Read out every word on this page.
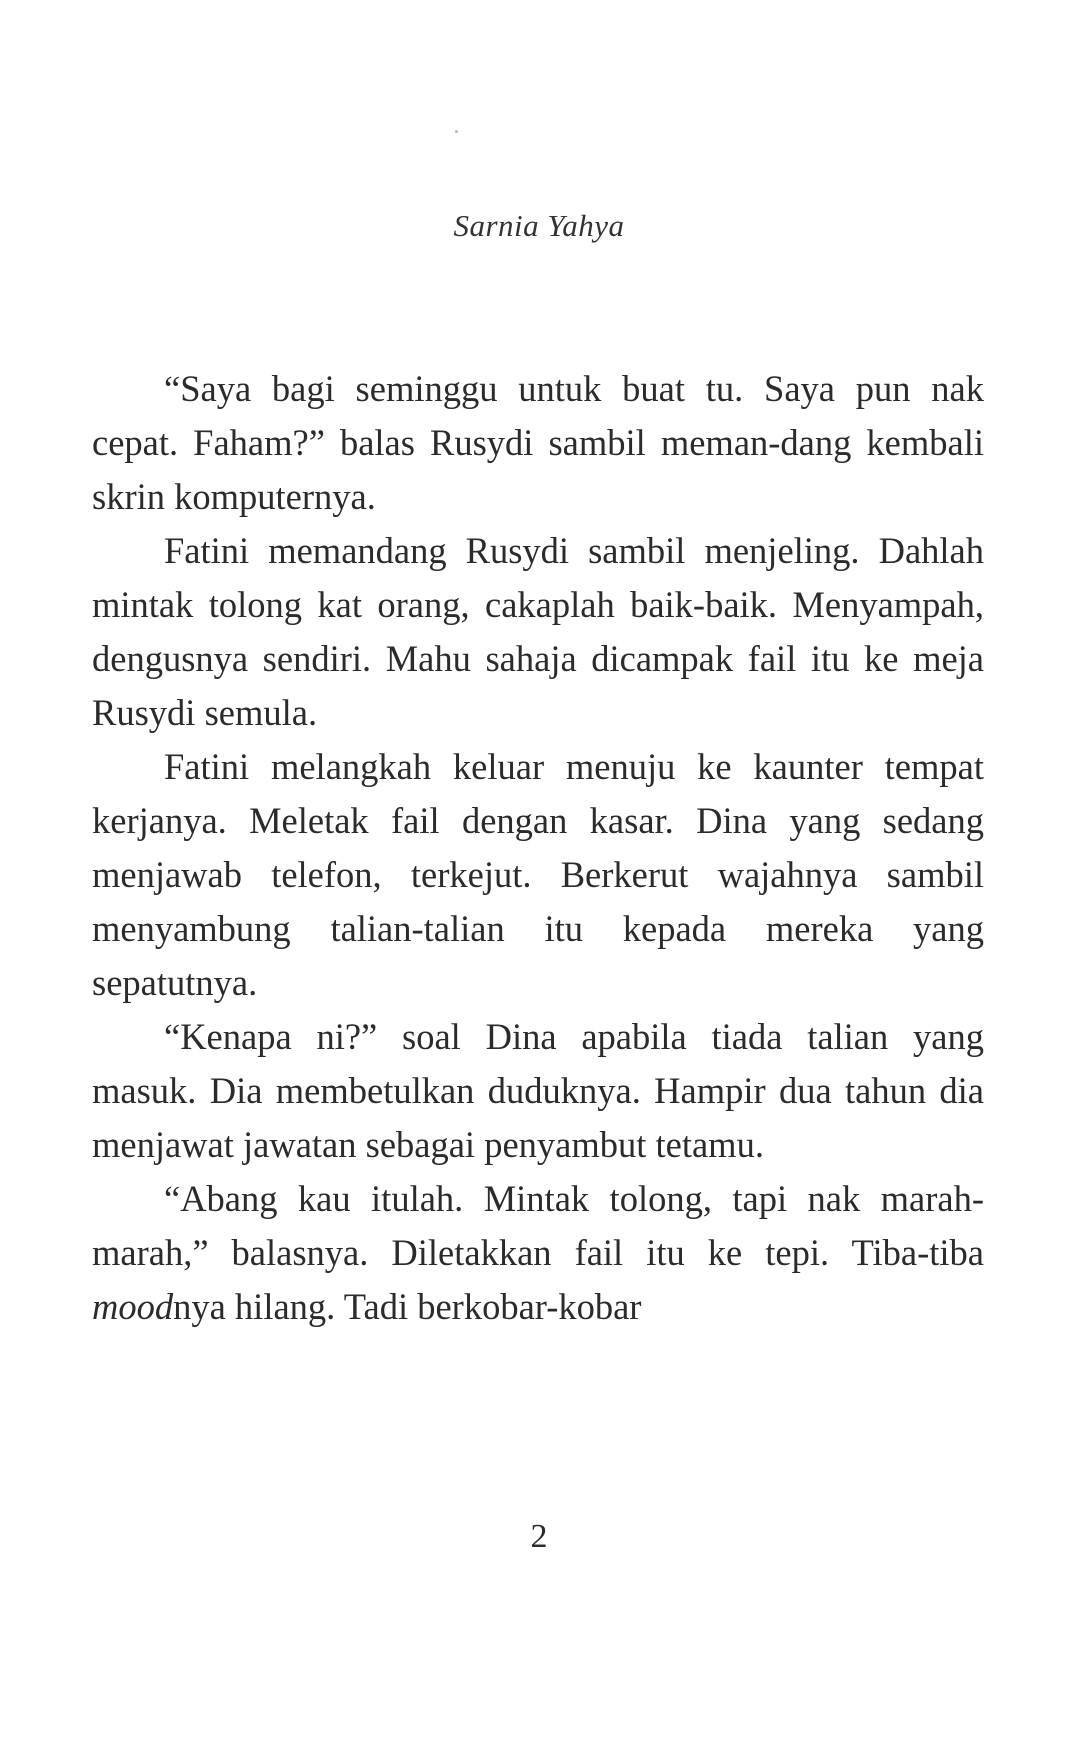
Sarnia Yahya

“Saya bagi seminggu untuk buat tu. Saya pun nak cepat. Faham?” balas Rusydi sambil meman-dang kembali skrin komputernya.

Fatini memandang Rusydi sambil menjeling. Dahlah mintak tolong kat orang, cakaplah baik-baik. Menyampah, dengusnya sendiri. Mahu sahaja dicampak fail itu ke meja Rusydi semula.

Fatini melangkah keluar menuju ke kaunter tempat kerjanya. Meletak fail dengan kasar. Dina yang sedang menjawab telefon, terkejut. Berkerut wajahnya sambil menyambung talian-talian itu kepada mereka yang sepatutnya.

“Kenapa ni?” soal Dina apabila tiada talian yang masuk. Dia membetulkan duduknya. Hampir dua tahun dia menjawat jawatan sebagai penyambut tetamu.

“Abang kau itulah. Mintak tolong, tapi nak marah-marah,” balasnya. Diletakkan fail itu ke tepi. Tiba-tiba moodnya hilang. Tadi berkobar-kobar

2
